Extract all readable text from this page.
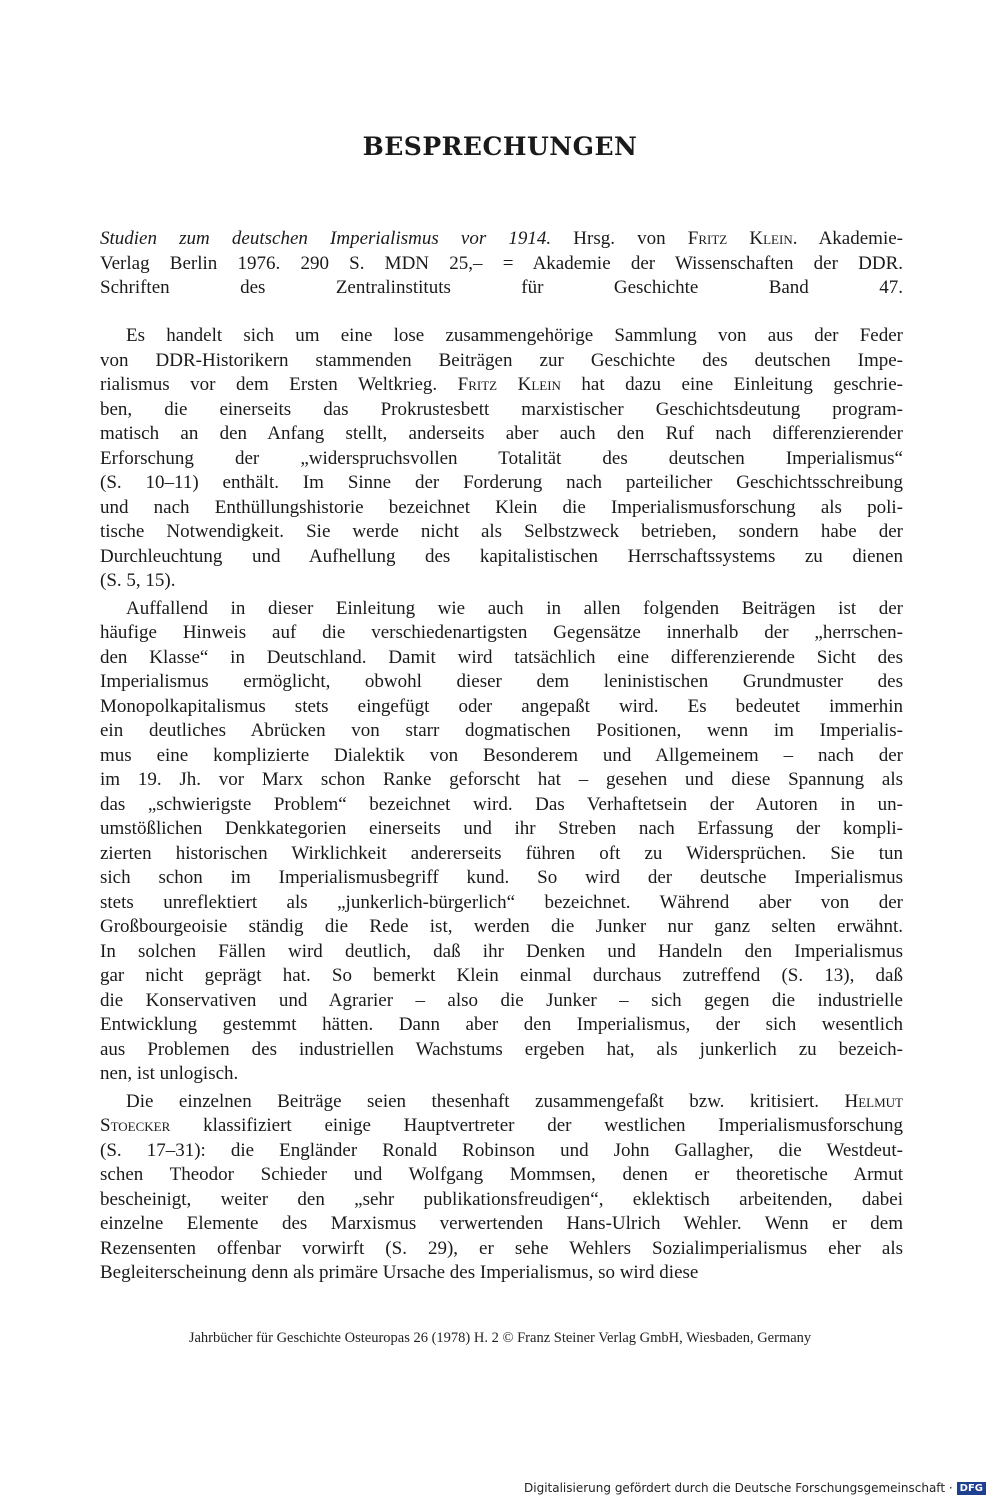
BESPRECHUNGEN
Studien zum deutschen Imperialismus vor 1914. Hrsg. von Fritz Klein. Akademie-
Verlag Berlin 1976. 290 S. MDN 25,– = Akademie der Wissenschaften der DDR.
Schriften des Zentralinstituts für Geschichte Band 47.
Es handelt sich um eine lose zusammengehörige Sammlung von aus der Feder
von DDR-Historikern stammenden Beiträgen zur Geschichte des deutschen Impe-
rialismus vor dem Ersten Weltkrieg. Fritz Klein hat dazu eine Einleitung geschrie-
ben, die einerseits das Prokrustesbett marxistischer Geschichtsdeutung program-
matisch an den Anfang stellt, anderseits aber auch den Ruf nach differenzierender
Erforschung der „widerspruchsvollen Totalität des deutschen Imperialismus“
(S. 10–11) enthält. Im Sinne der Forderung nach parteilicher Geschichtsschreibung
und nach Enthüllungshistorie bezeichnet Klein die Imperialismusforschung als poli-
tische Notwendigkeit. Sie werde nicht als Selbstzweck betrieben, sondern habe der
Durchleuchtung und Aufhellung des kapitalistischen Herrschaftssystems zu dienen
(S. 5, 15).
Auffallend in dieser Einleitung wie auch in allen folgenden Beiträgen ist der
häufige Hinweis auf die verschiedenartigsten Gegensätze innerhalb der „herrschen-
den Klasse“ in Deutschland. Damit wird tatsächlich eine differenzierende Sicht des
Imperialismus ermöglicht, obwohl dieser dem leninistischen Grundmuster des
Monopolkapitalismus stets eingefügt oder angepaßt wird. Es bedeutet immerhin
ein deutliches Abrücken von starr dogmatischen Positionen, wenn im Imperialis-
mus eine komplizierte Dialektik von Besonderem und Allgemeinem – nach der
im 19. Jh. vor Marx schon Ranke geforscht hat – gesehen und diese Spannung als
das „schwierigste Problem“ bezeichnet wird. Das Verhaftetsein der Autoren in un-
umstößlichen Denkkategorien einerseits und ihr Streben nach Erfassung der kompli-
zierten historischen Wirklichkeit andererseits führen oft zu Widersprüchen. Sie tun
sich schon im Imperialismusbegriff kund. So wird der deutsche Imperialismus
stets unreflektiert als „junkerlich-bürgerlich“ bezeichnet. Während aber von der
Großbourgeoisie ständig die Rede ist, werden die Junker nur ganz selten erwähnt.
In solchen Fällen wird deutlich, daß ihr Denken und Handeln den Imperialismus
gar nicht geprägt hat. So bemerkt Klein einmal durchaus zutreffend (S. 13), daß
die Konservativen und Agrarier – also die Junker – sich gegen die industrielle
Entwicklung gestemmt hätten. Dann aber den Imperialismus, der sich wesentlich
aus Problemen des industriellen Wachstums ergeben hat, als junkerlich zu bezeich-
nen, ist unlogisch.
Die einzelnen Beiträge seien thesenhaft zusammengefaßt bzw. kritisiert. Helmut
Stoecker klassifiziert einige Hauptvertreter der westlichen Imperialismusforschung
(S. 17–31): die Engländer Ronald Robinson und John Gallagher, die Westdeut-
schen Theodor Schieder und Wolfgang Mommsen, denen er theoretische Armut
bescheinigt, weiter den „sehr publikationsfreudigen“, eklektisch arbeitenden, dabei
einzelne Elemente des Marxismus verwertenden Hans-Ulrich Wehler. Wenn er dem
Rezensenten offenbar vorwirft (S. 29), er sehe Wehlers Sozialimperialismus eher als
Begleiterscheinung denn als primäre Ursache des Imperialismus, so wird diese
Jahrbücher für Geschichte Osteuropas 26 (1978) H. 2 © Franz Steiner Verlag GmbH, Wiesbaden, Germany
Digitalisierung gefördert durch die Deutsche Forschungsgemeinschaft · DFG
